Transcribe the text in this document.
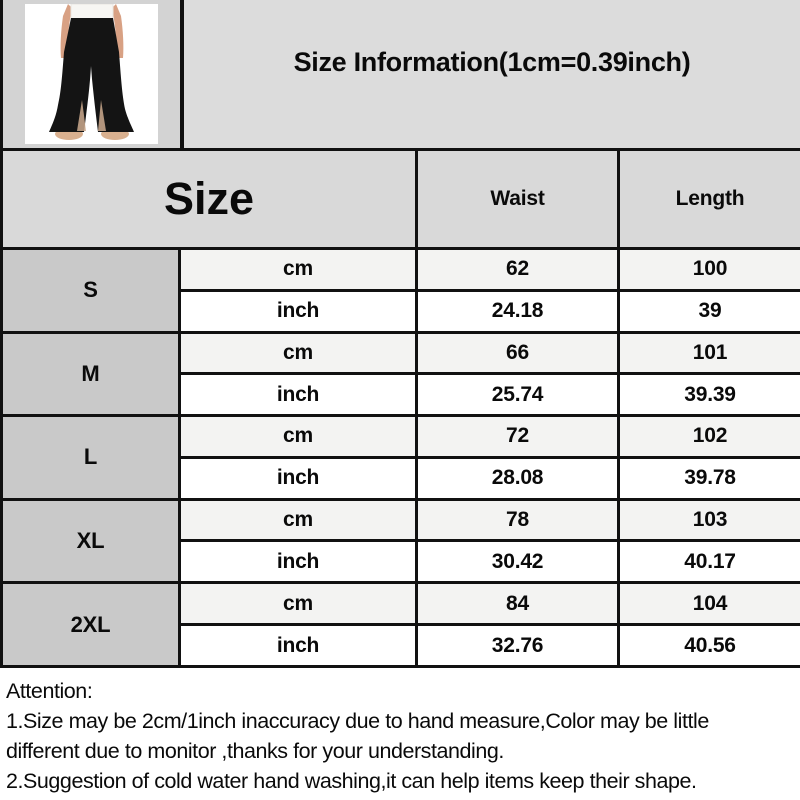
Size Information(1cm=0.39inch)
Size		Waist	Length
S	cm	62	100
	inch	24.18	39
M	cm	66	101
	inch	25.74	39.39
L	cm	72	102
	inch	28.08	39.78
XL	cm	78	103
	inch	30.42	40.17
2XL	cm	84	104
	inch	32.76	40.56
Attention:
1.Size may be 2cm/1inch inaccuracy due to hand measure,Color may be little
different due to monitor ,thanks for your understanding.
2.Suggestion of cold water hand washing,it can help items keep their shape.
